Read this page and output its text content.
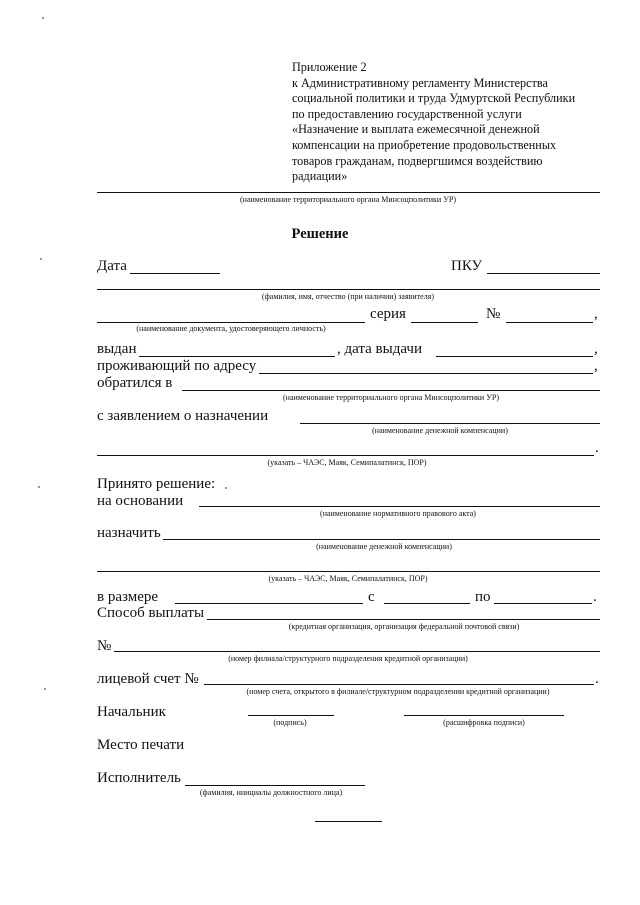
Приложение 2
к Административному регламенту Министерства
социальной политики и труда Удмуртской Республики
по предоставлению государственной услуги
«Назначение и выплата ежемесячной денежной
компенсации на приобретение продовольственных
товаров гражданам, подвергшимся воздействию
радиации»
(наименование территориального органа Минсоцполитики УР)
Решение
Дата	ПКУ
(фамилия, имя, отчество (при наличии) заявителя)
(наименование документа, удостоверяющего личность)
серия	№	,
выдан	, дата выдачи	,
проживающий по адресу	,
обратился в
(наименование территориального органа Минсоцполитики УР)
с заявлением о назначении
(наименование денежной компенсации)
.
(указать – ЧАЭС, Маяк, Семипалатинск, ПОР)
Принято решение:
на основании
(наименование нормативного правового акта)
назначить
(наименование денежной компенсации)
(указать – ЧАЭС, Маяк, Семипалатинск, ПОР)
в размере	с	по	.
Способ выплаты
(кредитная организация, организация федеральной почтовой связи)
№
(номер филиала/структурного подразделения кредитной организации)
лицевой счет №	.
(номер счета, открытого в филиале/структурном подразделении кредитной организации)
Начальник
(подпись)	(расшифровка подписи)
Место печати
Исполнитель
(фамилия, инициалы должностного лица)
